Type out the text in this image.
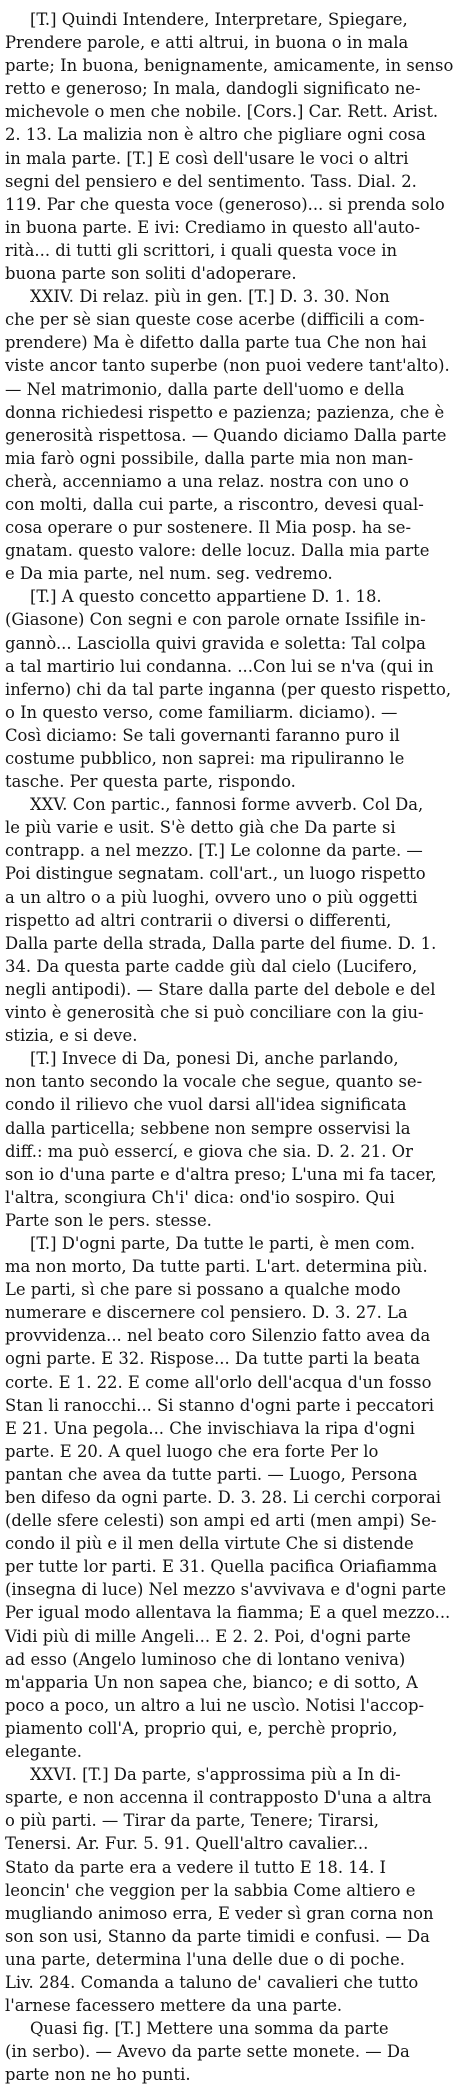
[T.] Quindi Intendere, Interpretare, Spiegare,
Prendere parole, e atti altrui, in buona o in mala
parte; In buona, benignamente, amicamente, in senso
retto e generoso; In mala, dandogli significato ne-
michevole o men che nobile. [Cors.] Car. Rett. Arist.
2. 13. La malizia non è altro che pigliare ogni cosa
in mala parte. [T.] E così dell'usare le voci o altri
segni del pensiero e del sentimento. Tass. Dial. 2.
119. Par che questa voce (generoso)... si prenda solo
in buona parte. E ivi: Crediamo in questo all'auto-
rità... di tutti gli scrittori, i quali questa voce in
buona parte son soliti d'adoperare.
XXIV. Di relaz. più in gen. [T.] D. 3. 30. Non
che per sè sian queste cose acerbe (difficili a com-
prendere) Ma è difetto dalla parte tua Che non hai
viste ancor tanto superbe (non puoi vedere tant'alto).
— Nel matrimonio, dalla parte dell'uomo e della
donna richiedesi rispetto e pazienza; pazienza, che è
generosità rispettosa. — Quando diciamo Dalla parte
mia farò ogni possibile, dalla parte mia non man-
cherà, accenniamo a una relaz. nostra con uno o
con molti, dalla cui parte, a riscontro, devesi qual-
cosa operare o pur sostenere. Il Mia posp. ha se-
gnatam. questo valore: delle locuz. Dalla mia parte
e Da mia parte, nel num. seg. vedremo.
[T.] A questo concetto appartiene D. 1. 18.
(Giasone) Con segni e con parole ornate Issifile in-
gannò... Lasciolla quivi gravida e soletta: Tal colpa
a tal martirio lui condanna. ...Con lui se n'va (qui in
inferno) chi da tal parte inganna (per questo rispetto,
o In questo verso, come familiarm. diciamo). —
Così diciamo: Se tali governanti faranno puro il
costume pubblico, non saprei: ma ripuliranno le
tasche. Per questa parte, rispondo.
XXV. Con partic., fannosi forme avverb. Col Da,
le più varie e usit. S'è detto già che Da parte si
contrapp. a nel mezzo. [T.] Le colonne da parte. —
Poi distingue segnatam. coll'art., un luogo rispetto
a un altro o a più luoghi, ovvero uno o più oggetti
rispetto ad altri contrarii o diversi o differenti,
Dalla parte della strada, Dalla parte del fiume. D. 1.
34. Da questa parte cadde giù dal cielo (Lucifero,
negli antipodi). — Stare dalla parte del debole e del
vinto è generosità che si può conciliare con la giu-
stizia, e si deve.
[T.] Invece di Da, ponesi Di, anche parlando,
non tanto secondo la vocale che segue, quanto se-
condo il rilievo che vuol darsi all'idea significata
dalla particella; sebbene non sempre osservisi la
diff.: ma può essercí, e giova che sia. D. 2. 21. Or
son io d'una parte e d'altra preso; L'una mi fa tacer,
l'altra, scongiura Ch'i' dica: ond'io sospiro. Qui
Parte son le pers. stesse.
[T.] D'ogni parte, Da tutte le parti, è men com.
ma non morto, Da tutte parti. L'art. determina più.
Le parti, sì che pare si possano a qualche modo
numerare e discernere col pensiero. D. 3. 27. La
provvidenza... nel beato coro Silenzio fatto avea da
ogni parte. E 32. Rispose... Da tutte parti la beata
corte. E 1. 22. E come all'orlo dell'acqua d'un fosso
Stan li ranocchi... Si stanno d'ogni parte i peccatori
E 21. Una pegola... Che invischiava la ripa d'ogni
parte. E 20. A quel luogo che era forte Per lo
pantan che avea da tutte parti. — Luogo, Persona
ben difeso da ogni parte. D. 3. 28. Li cerchi corporai
(delle sfere celesti) son ampi ed arti (men ampi) Se-
condo il più e il men della virtute Che si distende
per tutte lor parti. E 31. Quella pacifica Oriafiamma
(insegna di luce) Nel mezzo s'avvivava e d'ogni parte
Per igual modo allentava la fiamma; E a quel mezzo...
Vidi più di mille Angeli... E 2. 2. Poi, d'ogni parte
ad esso (Angelo luminoso che di lontano veniva)
m'apparia Un non sapea che, bianco; e di sotto, A
poco a poco, un altro a lui ne uscìo. Notisi l'accop-
piamento coll'A, proprio qui, e, perchè proprio,
elegante.
XXVI. [T.] Da parte, s'approssima più a In di-
sparte, e non accenna il contrapposto D'una a altra
o più parti. — Tirar da parte, Tenere; Tirarsi,
Tenersi. Ar. Fur. 5. 91. Quell'altro cavalier...
Stato da parte era a vedere il tutto E 18. 14. I
leoncin' che veggion per la sabbia Come altiero e
mugliando animoso erra, E veder sì gran corna non
son son usi, Stanno da parte timidi e confusi. — Da
una parte, determina l'una delle due o di poche.
Liv. 284. Comanda a taluno de' cavalieri che tutto
l'arnese facessero mettere da una parte.
Quasi fig. [T.] Mettere una somma da parte
(in serbo). — Avevo da parte sette monete. — Da
parte non ne ho punti.
